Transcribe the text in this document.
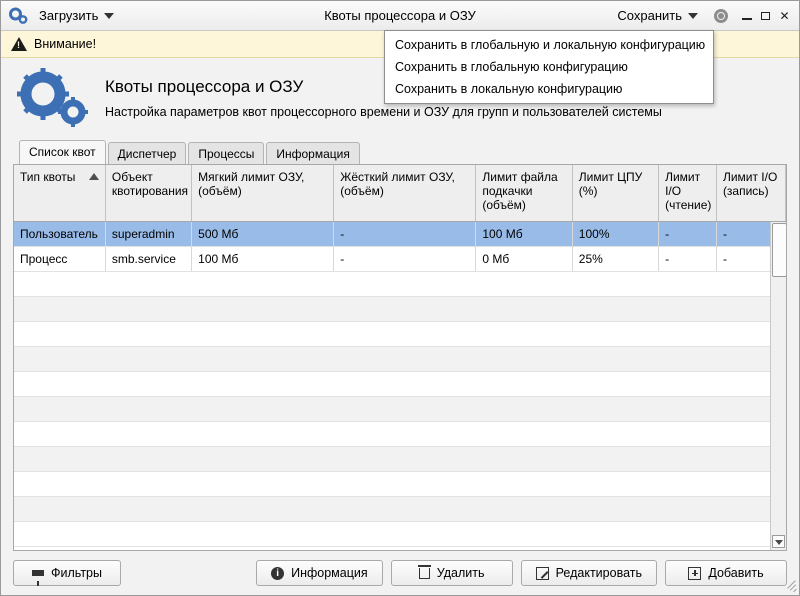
Загрузить	Квоты процессора и ОЗУ	Сохранить	✕
!
Внимание!
Квоты процессора и ОЗУ

Настройка параметров квот процессорного времени и ОЗУ для групп и пользователей системы

Список квот	Диспетчер	Процессы	Информация
Тип квоты	Объект квотирования	Мягкий лимит ОЗУ, (объём)	Жёсткий лимит ОЗУ, (объём)	Лимит файла подкачки (объём)	Лимит ЦПУ (%)	Лимит I/O (чтение)	Лимит I/O (запись)
Пользователь	superadmin	500 Мб	-	100 Мб	100%	-	-
Процесс	smb.service	100 Мб	-	0 Мб	25%	-	-

Фильтры	i Информация	Удалить	Редактировать	Добавить
Сохранить в глобальную и локальную конфигурацию
Сохранить в глобальную конфигурацию
Сохранить в локальную конфигурацию
